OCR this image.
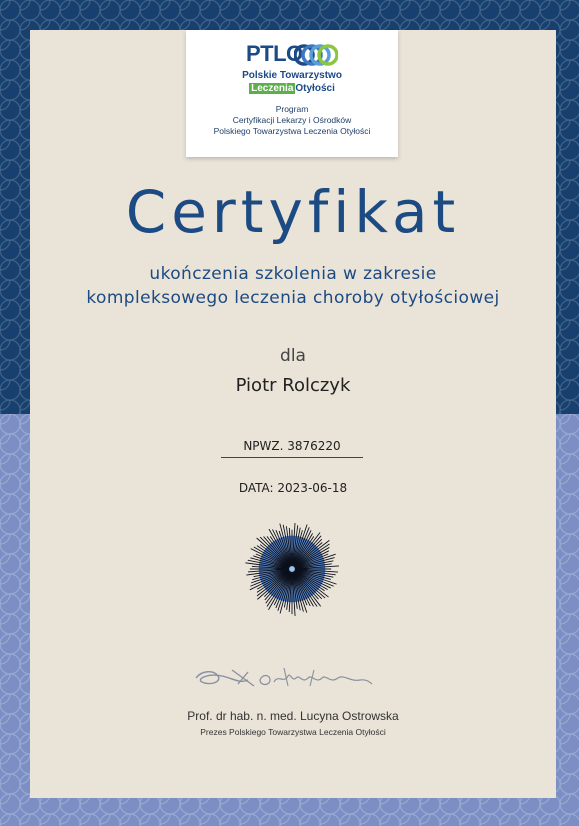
PTLO
Polskie Towarzystwo
Leczenia Otyłości
Program
Certyfikacji Lekarzy i Ośrodków
Polskiego Towarzystwa Leczenia Otyłości
Certyfikat
ukończenia szkolenia w zakresie
kompleksowego leczenia choroby otyłościowej
dla
Piotr Rolczyk
NPWZ. 3876220
DATA: 2023-06-18
Prof. dr hab. n. med. Lucyna Ostrowska
Prezes Polskiego Towarzystwa Leczenia Otyłości
